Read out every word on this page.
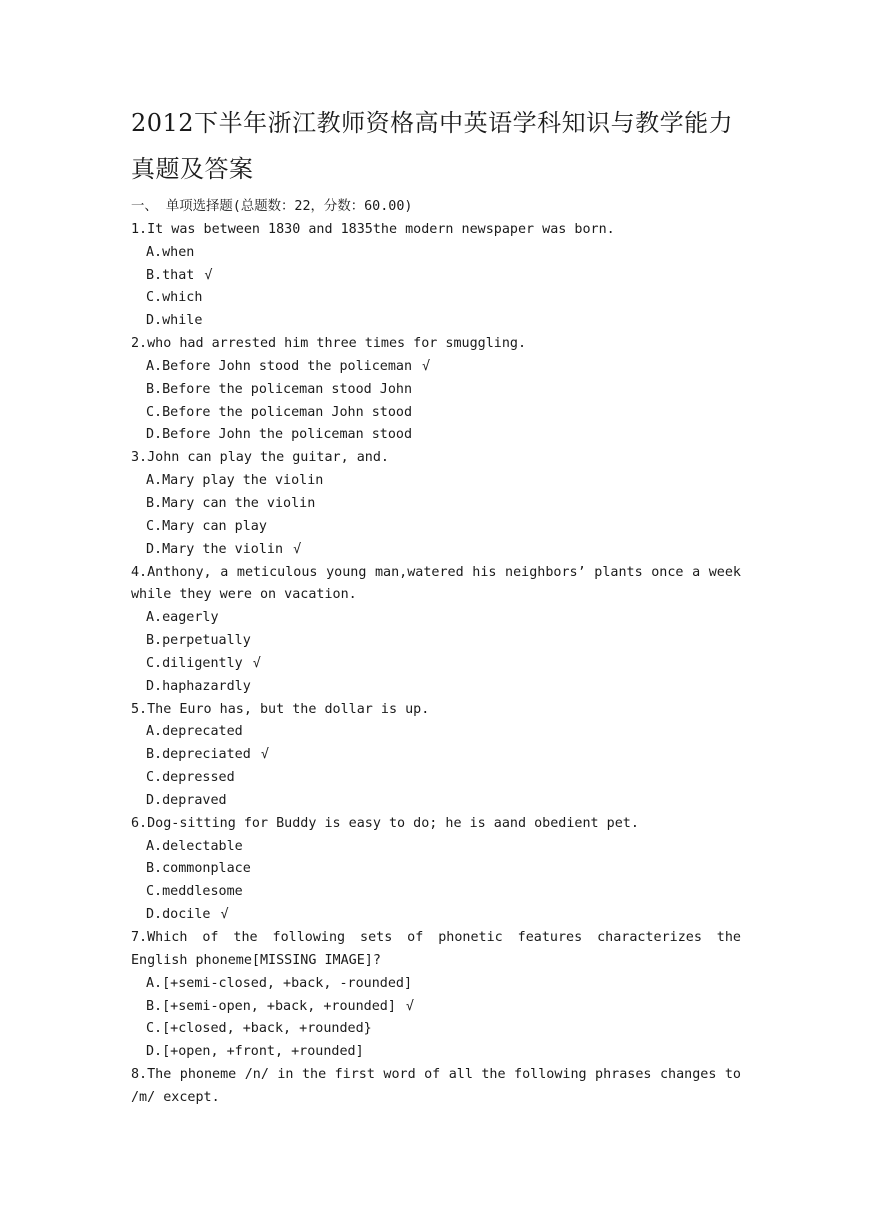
2012下半年浙江教师资格高中英语学科知识与教学能力真题及答案
一、 单项选择题(总题数：22，分数：60.00)
1.It was between 1830 and 1835the modern newspaper was born.
A.when
B.that √
C.which
D.while
2.who had arrested him three times for smuggling.
A.Before John stood the policeman √
B.Before the policeman stood John
C.Before the policeman John stood
D.Before John the policeman stood
3.John can play the guitar, and.
A.Mary play the violin
B.Mary can the violin
C.Mary can play
D.Mary the violin √
4.Anthony, a meticulous young man,watered his neighbors’ plants once a week while they were on vacation.
A.eagerly
B.perpetually
C.diligently √
D.haphazardly
5.The Euro has, but the dollar is up.
A.deprecated
B.depreciated √
C.depressed
D.depraved
6.Dog-sitting for Buddy is easy to do; he is aand obedient pet.
A.delectable
B.commonplace
C.meddlesome
D.docile √
7.Which of the following sets of phonetic features characterizes the English phoneme[MISSING IMAGE]?
A.[+semi-closed, +back, -rounded]
B.[+semi-open, +back, +rounded] √
C.[+closed, +back, +rounded}
D.[+open, +front, +rounded]
8.The phoneme /n/ in the first word of all the following phrases changes to /m/ except.
